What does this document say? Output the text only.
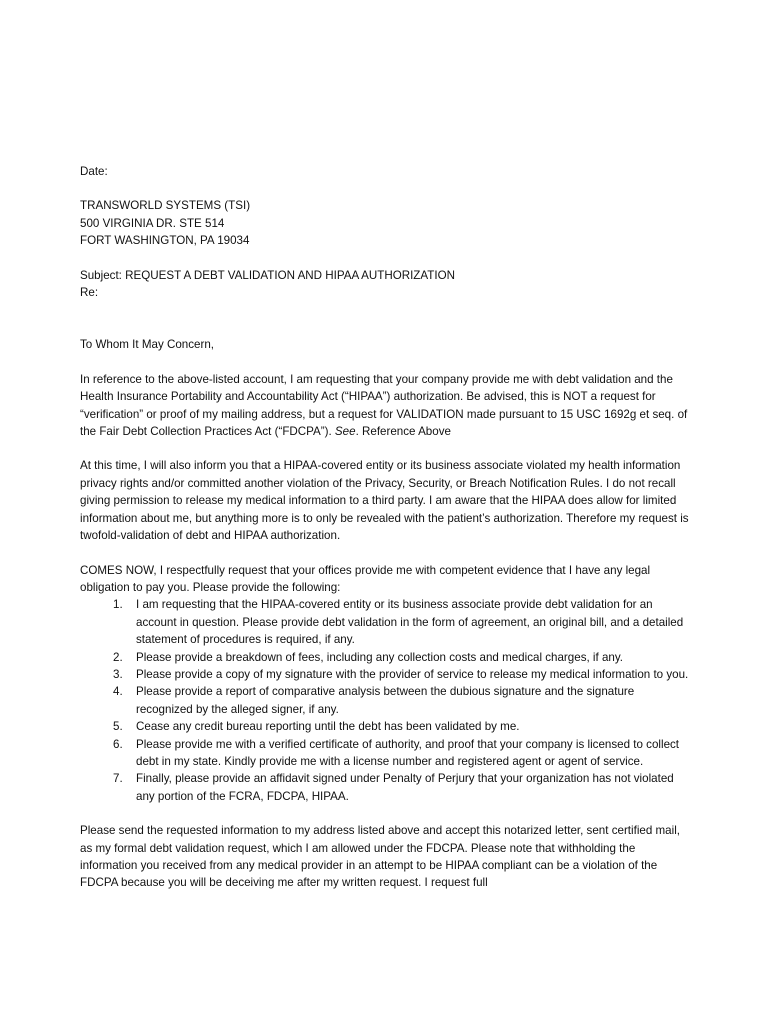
Date:

TRANSWORLD SYSTEMS (TSI)

500 VIRGINIA DR. STE 514

FORT WASHINGTON, PA 19034

Subject: REQUEST A DEBT VALIDATION AND HIPAA AUTHORIZATION

Re:

To Whom It May Concern,

In reference to the above-listed account, I am requesting that your company provide me with debt validation and the Health Insurance Portability and Accountability Act (“HIPAA”) authorization. Be advised, this is NOT a request for “verification” or proof of my mailing address, but a request for VALIDATION made pursuant to 15 USC 1692g et seq. of the Fair Debt Collection Practices Act (“FDCPA”). See. Reference Above

At this time, I will also inform you that a HIPAA-covered entity or its business associate violated my health information privacy rights and/or committed another violation of the Privacy, Security, or Breach Notification Rules. I do not recall giving permission to release my medical information to a third party. I am aware that the HIPAA does allow for limited information about me, but anything more is to only be revealed with the patient’s authorization. Therefore my request is twofold-validation of debt and HIPAA authorization.

COMES NOW, I respectfully request that your offices provide me with competent evidence that I have any legal obligation to pay you. Please provide the following:

1. I am requesting that the HIPAA-covered entity or its business associate provide debt validation for an account in question. Please provide debt validation in the form of agreement, an original bill, and a detailed statement of procedures is required, if any.
2. Please provide a breakdown of fees, including any collection costs and medical charges, if any.
3. Please provide a copy of my signature with the provider of service to release my medical information to you.
4. Please provide a report of comparative analysis between the dubious signature and the signature recognized by the alleged signer, if any.
5. Cease any credit bureau reporting until the debt has been validated by me.
6. Please provide me with a verified certificate of authority, and proof that your company is licensed to collect debt in my state. Kindly provide me with a license number and registered agent or agent of service.
7. Finally, please provide an affidavit signed under Penalty of Perjury that your organization has not violated any portion of the FCRA, FDCPA, HIPAA.

Please send the requested information to my address listed above and accept this notarized letter, sent certified mail, as my formal debt validation request, which I am allowed under the FDCPA. Please note that withholding the information you received from any medical provider in an attempt to be HIPAA compliant can be a violation of the FDCPA because you will be deceiving me after my written request. I request full
